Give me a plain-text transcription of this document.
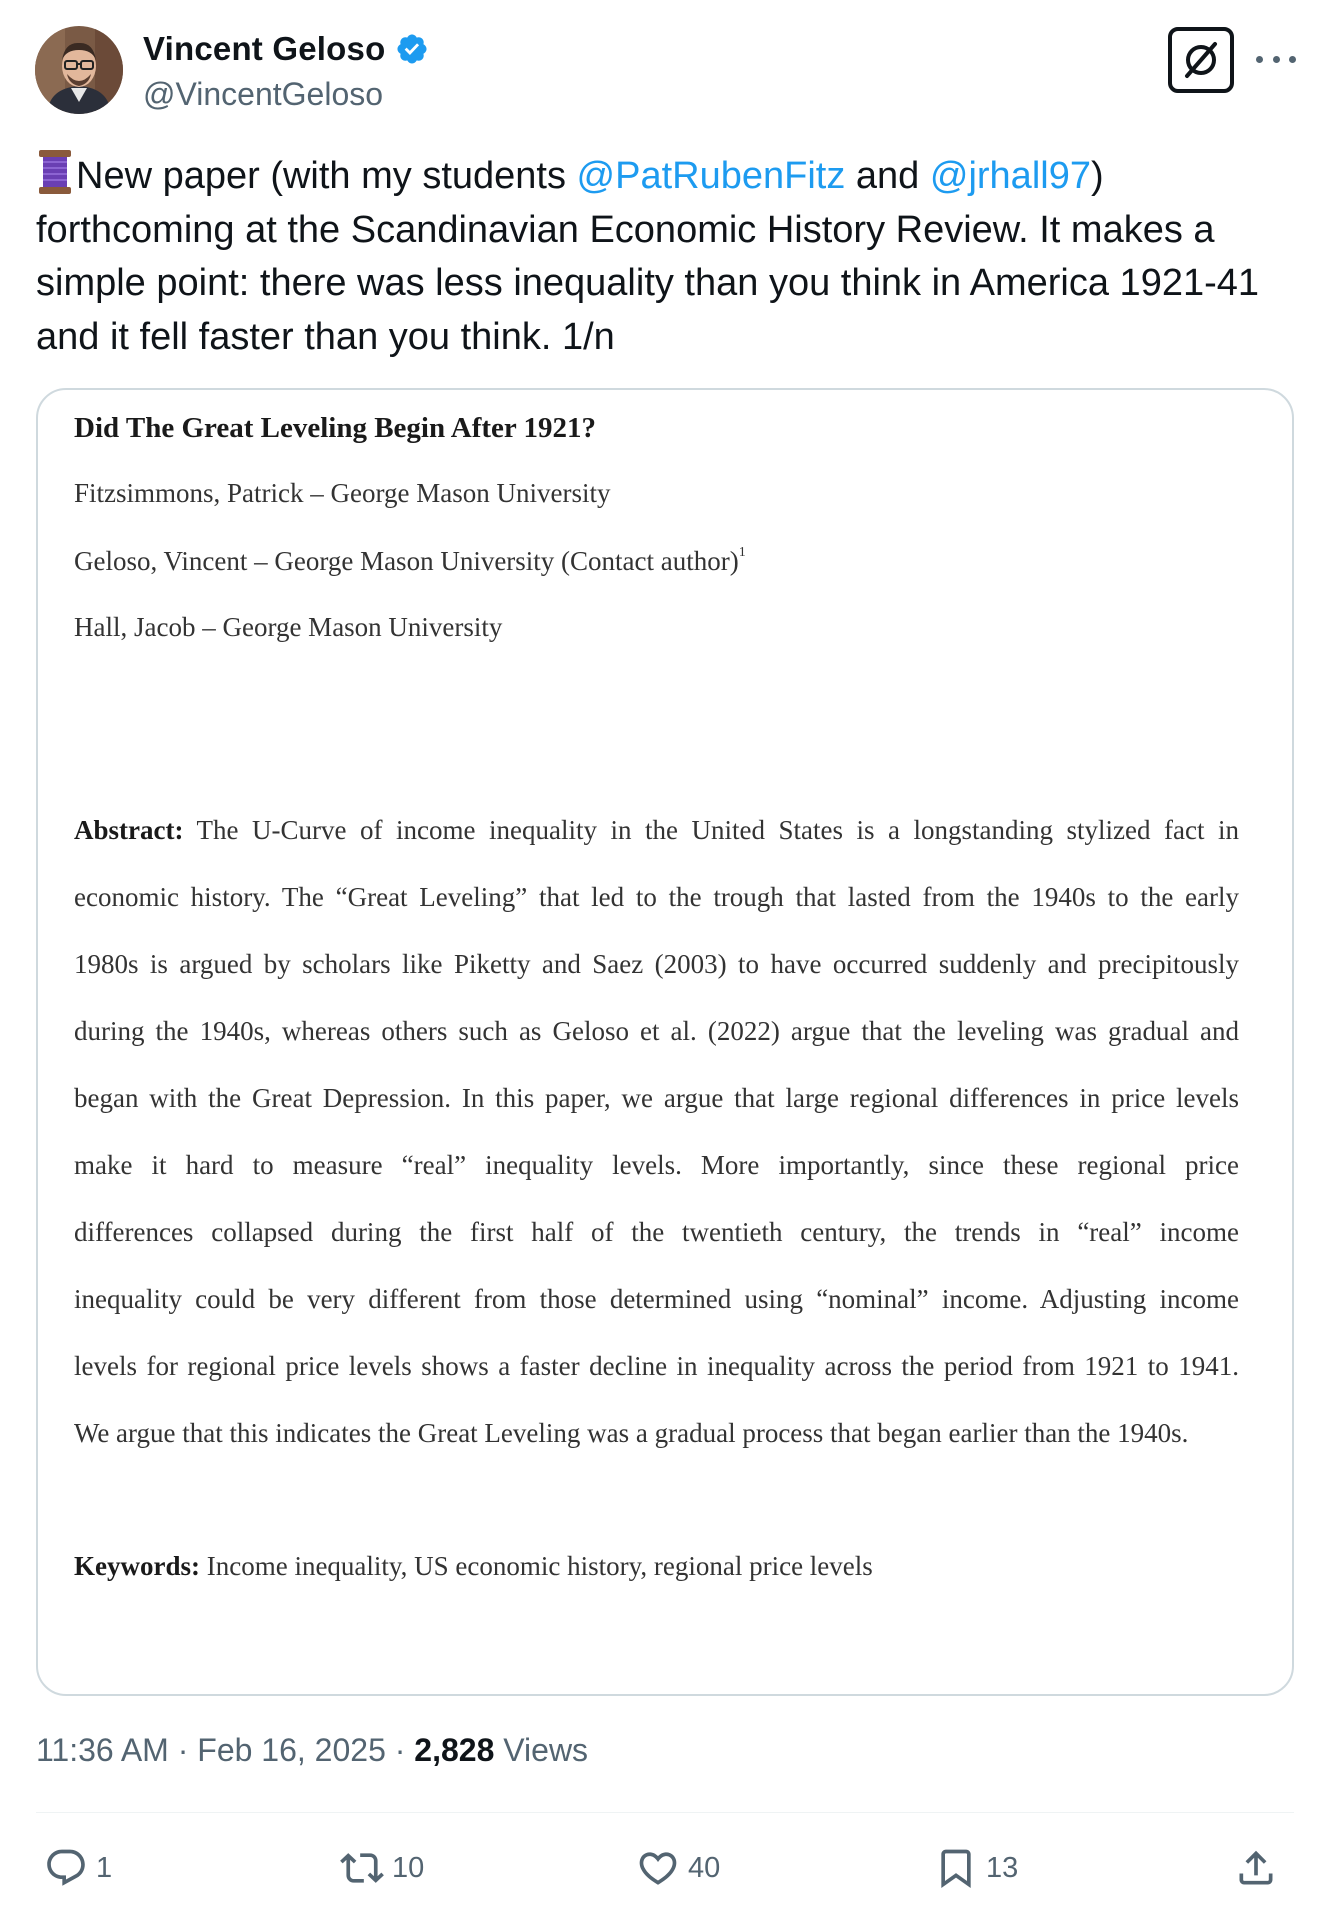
Vincent Geloso
@VincentGeloso
New paper (with my students @PatRubenFitz and @jrhall97)
forthcoming at the Scandinavian Economic History Review. It makes a
simple point: there was less inequality than you think in America 1921-41
and it fell faster than you think. 1/n
Did The Great Leveling Begin After 1921?
Fitzsimmons, Patrick – George Mason University
Geloso, Vincent – George Mason University (Contact author)$^1$
Hall, Jacob – George Mason University
Abstract: The U-Curve of income inequality in the United States is a longstanding stylized fact in
economic history. The “Great Leveling” that led to the trough that lasted from the 1940s to the early
1980s is argued by scholars like Piketty and Saez (2003) to have occurred suddenly and precipitously
during the 1940s, whereas others such as Geloso et al. (2022) argue that the leveling was gradual and
began with the Great Depression. In this paper, we argue that large regional differences in price levels
make it hard to measure “real” inequality levels. More importantly, since these regional price
differences collapsed during the first half of the twentieth century, the trends in “real” income
inequality could be very different from those determined using “nominal” income. Adjusting income
levels for regional price levels shows a faster decline in inequality across the period from 1921 to 1941.
We argue that this indicates the Great Leveling was a gradual process that began earlier than the 1940s.
Keywords: Income inequality, US economic history, regional price levels
11:36 AM · Feb 16, 2025 · 2,828 Views
1	10	40	13
